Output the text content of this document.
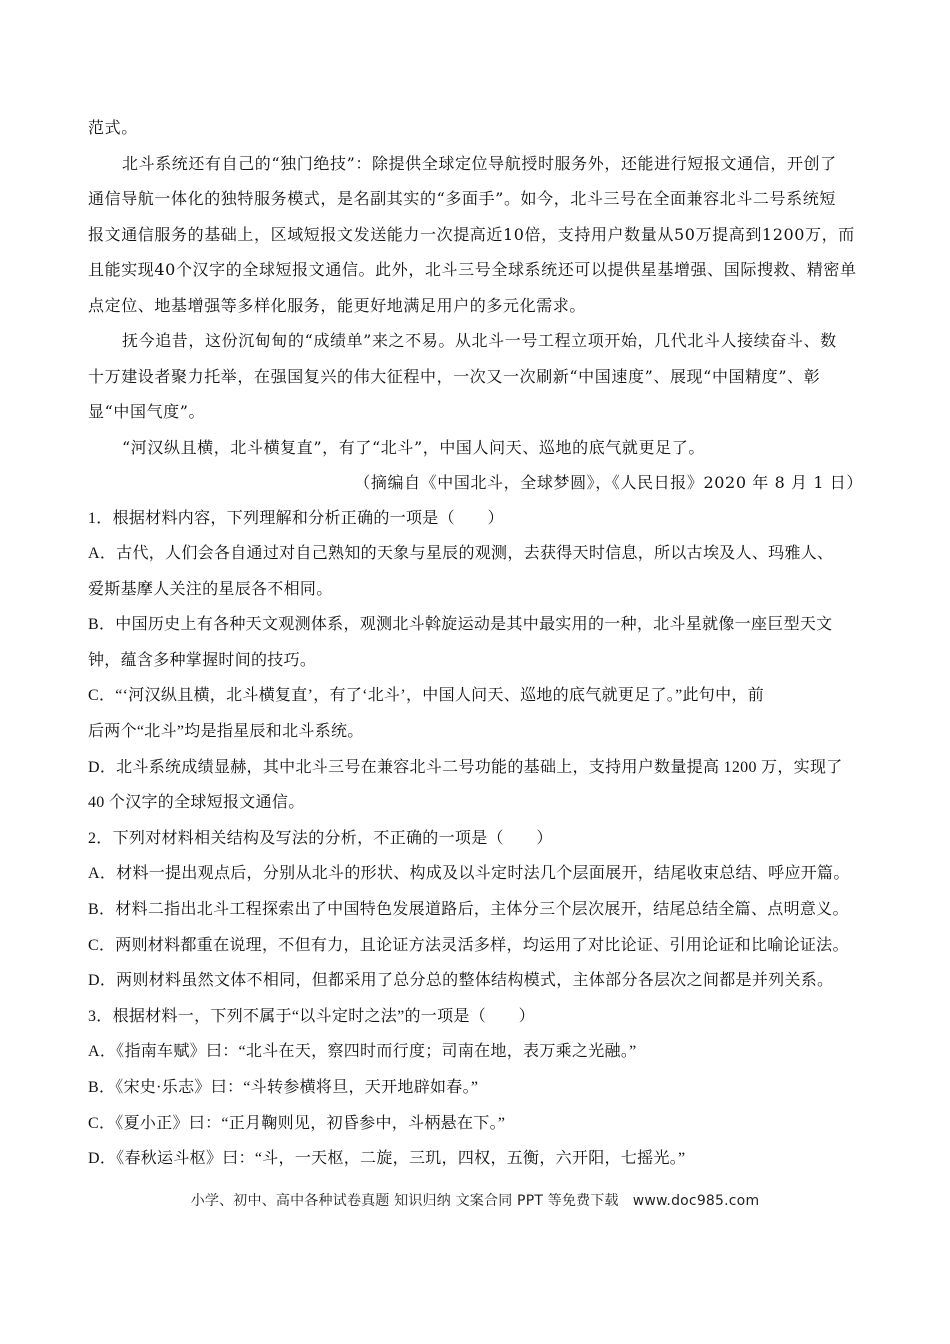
范式。
北斗系统还有自己的“独门绝技”：除提供全球定位导航授时服务外，还能进行短报文通信，开创了
通信导航一体化的独特服务模式，是名副其实的“多面手”。如今，北斗三号在全面兼容北斗二号系统短
报文通信服务的基础上，区域短报文发送能力一次提高近10倍，支持用户数量从50万提高到1200万，而
且能实现40个汉字的全球短报文通信。此外，北斗三号全球系统还可以提供星基增强、国际搜救、精密单
点定位、地基增强等多样化服务，能更好地满足用户的多元化需求。
抚今追昔，这份沉甸甸的“成绩单”来之不易。从北斗一号工程立项开始，几代北斗人接续奋斗、数
十万建设者聚力托举，在强国复兴的伟大征程中，一次又一次刷新“中国速度”、展现“中国精度”、彰
显“中国气度”。
“河汉纵且横，北斗横复直”，有了“北斗”，中国人问天、巡地的底气就更足了。
（摘编自《中国北斗，全球梦圆》，《人民日报》2020 年 8 月 1 日）
1．根据材料内容，下列理解和分析正确的一项是（　　）
A．古代，人们会各自通过对自己熟知的天象与星辰的观测，去获得天时信息，所以古埃及人、玛雅人、
爱斯基摩人关注的星辰各不相同。
B．中国历史上有各种天文观测体系，观测北斗斡旋运动是其中最实用的一种，北斗星就像一座巨型天文
钟，蕴含多种掌握时间的技巧。
C．“‘河汉纵且横，北斗横复直’，有了‘北斗’，中国人问天、巡地的底气就更足了。”此句中，前
后两个“北斗”均是指星辰和北斗系统。
D．北斗系统成绩显赫，其中北斗三号在兼容北斗二号功能的基础上，支持用户数量提高 1200 万，实现了
40 个汉字的全球短报文通信。
2．下列对材料相关结构及写法的分析，不正确的一项是（　　）
A．材料一提出观点后，分别从北斗的形状、构成及以斗定时法几个层面展开，结尾收束总结、呼应开篇。
B．材料二指出北斗工程探索出了中国特色发展道路后，主体分三个层次展开，结尾总结全篇、点明意义。
C．两则材料都重在说理，不但有力，且论证方法灵活多样，均运用了对比论证、引用论证和比喻论证法。
D．两则材料虽然文体不相同，但都采用了总分总的整体结构模式，主体部分各层次之间都是并列关系。
3．根据材料一，下列不属于“以斗定时之法”的一项是（　　）
A．《指南车赋》曰：“北斗在天，察四时而行度；司南在地，表万乘之光融。”
B．《宋史·乐志》曰：“斗转参横将旦，天开地辟如春。”
C．《夏小正》曰：“正月鞠则见，初昏参中，斗柄悬在下。”
D．《春秋运斗枢》曰：“斗，一天枢，二旋，三玑，四权，五衡，六开阳，七摇光。”
小学、初中、高中各种试卷真题 知识归纳 文案合同 PPT 等免费下载 www.doc985.com
